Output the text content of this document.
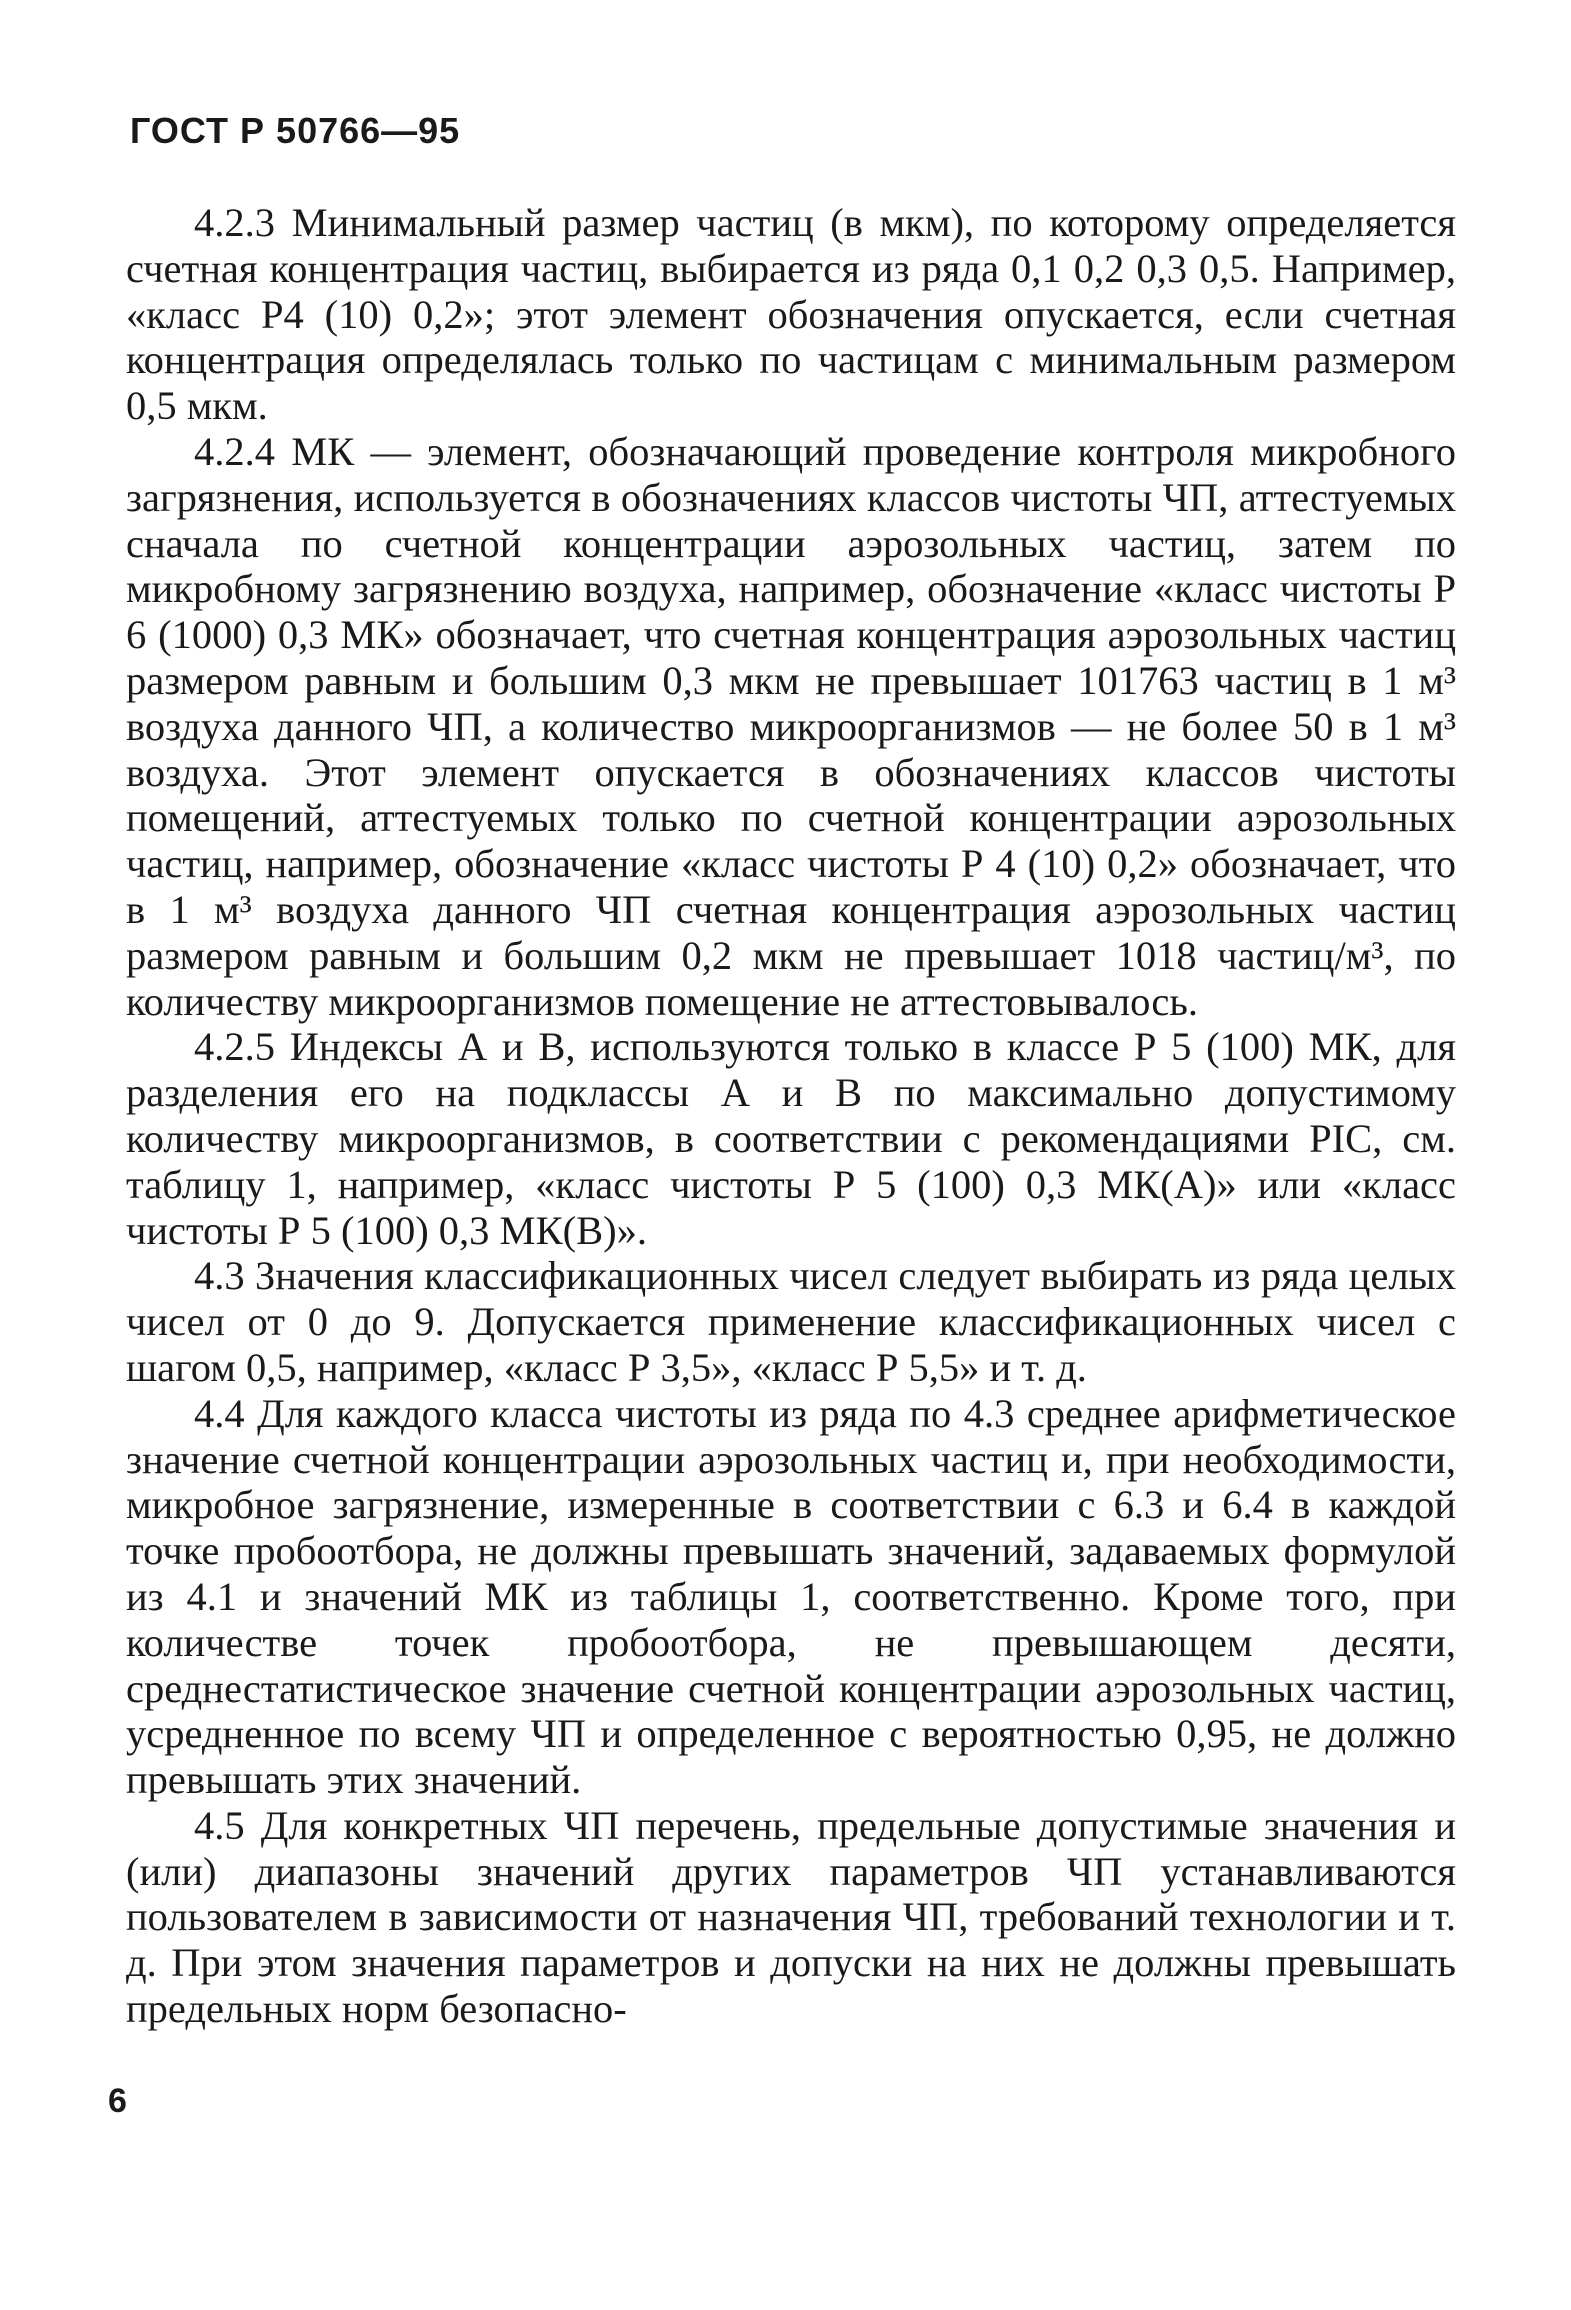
ГОСТ Р 50766—95

4.2.3 Минимальный размер частиц (в мкм), по которому определяется счетная концентрация частиц, выбирается из ряда 0,1 0,2 0,3 0,5. Например, «класс Р4 (10) 0,2»; этот элемент обозначения опускается, если счетная концентрация определялась только по частицам с минимальным размером 0,5 мкм.

4.2.4 МК — элемент, обозначающий проведение контроля микробного загрязнения, используется в обозначениях классов чистоты ЧП, аттестуемых сначала по счетной концентрации аэрозольных частиц, затем по микробному загрязнению воздуха, например, обозначение «класс чистоты Р 6 (1000) 0,3 МК» обозначает, что счетная концентрация аэрозольных частиц размером равным и большим 0,3 мкм не превышает 101763 частиц в 1 м³ воздуха данного ЧП, а количество микроорганизмов — не более 50 в 1 м³ воздуха. Этот элемент опускается в обозначениях классов чистоты помещений, аттестуемых только по счетной концентрации аэрозольных частиц, например, обозначение «класс чистоты Р 4 (10) 0,2» обозначает, что в 1 м³ воздуха данного ЧП счетная концентрация аэрозольных частиц размером равным и большим 0,2 мкм не превышает 1018 частиц/м³, по количеству микроорганизмов помещение не аттестовывалось.

4.2.5 Индексы А и В, используются только в классе Р 5 (100) МК, для разделения его на подклассы А и В по максимально допустимому количеству микроорганизмов, в соответствии с рекомендациями PIC, см. таблицу 1, например, «класс чистоты Р 5 (100) 0,3 МК(А)» или «класс чистоты Р 5 (100) 0,3 МК(В)».

4.3 Значения классификационных чисел следует выбирать из ряда целых чисел от 0 до 9. Допускается применение классификационных чисел с шагом 0,5, например, «класс Р 3,5», «класс Р 5,5» и т. д.

4.4 Для каждого класса чистоты из ряда по 4.3 среднее арифметическое значение счетной концентрации аэрозольных частиц и, при необходимости, микробное загрязнение, измеренные в соответствии с 6.3 и 6.4 в каждой точке пробоотбора, не должны превышать значений, задаваемых формулой из 4.1 и значений МК из таблицы 1, соответственно. Кроме того, при количестве точек пробоотбора, не превышающем десяти, среднестатистическое значение счетной концентрации аэрозольных частиц, усредненное по всему ЧП и определенное с вероятностью 0,95, не должно превышать этих значений.

4.5 Для конкретных ЧП перечень, предельные допустимые значения и (или) диапазоны значений других параметров ЧП устанавливаются пользователем в зависимости от назначения ЧП, требований технологии и т. д. При этом значения параметров и допуски на них не должны превышать предельных норм безопасно-

6
